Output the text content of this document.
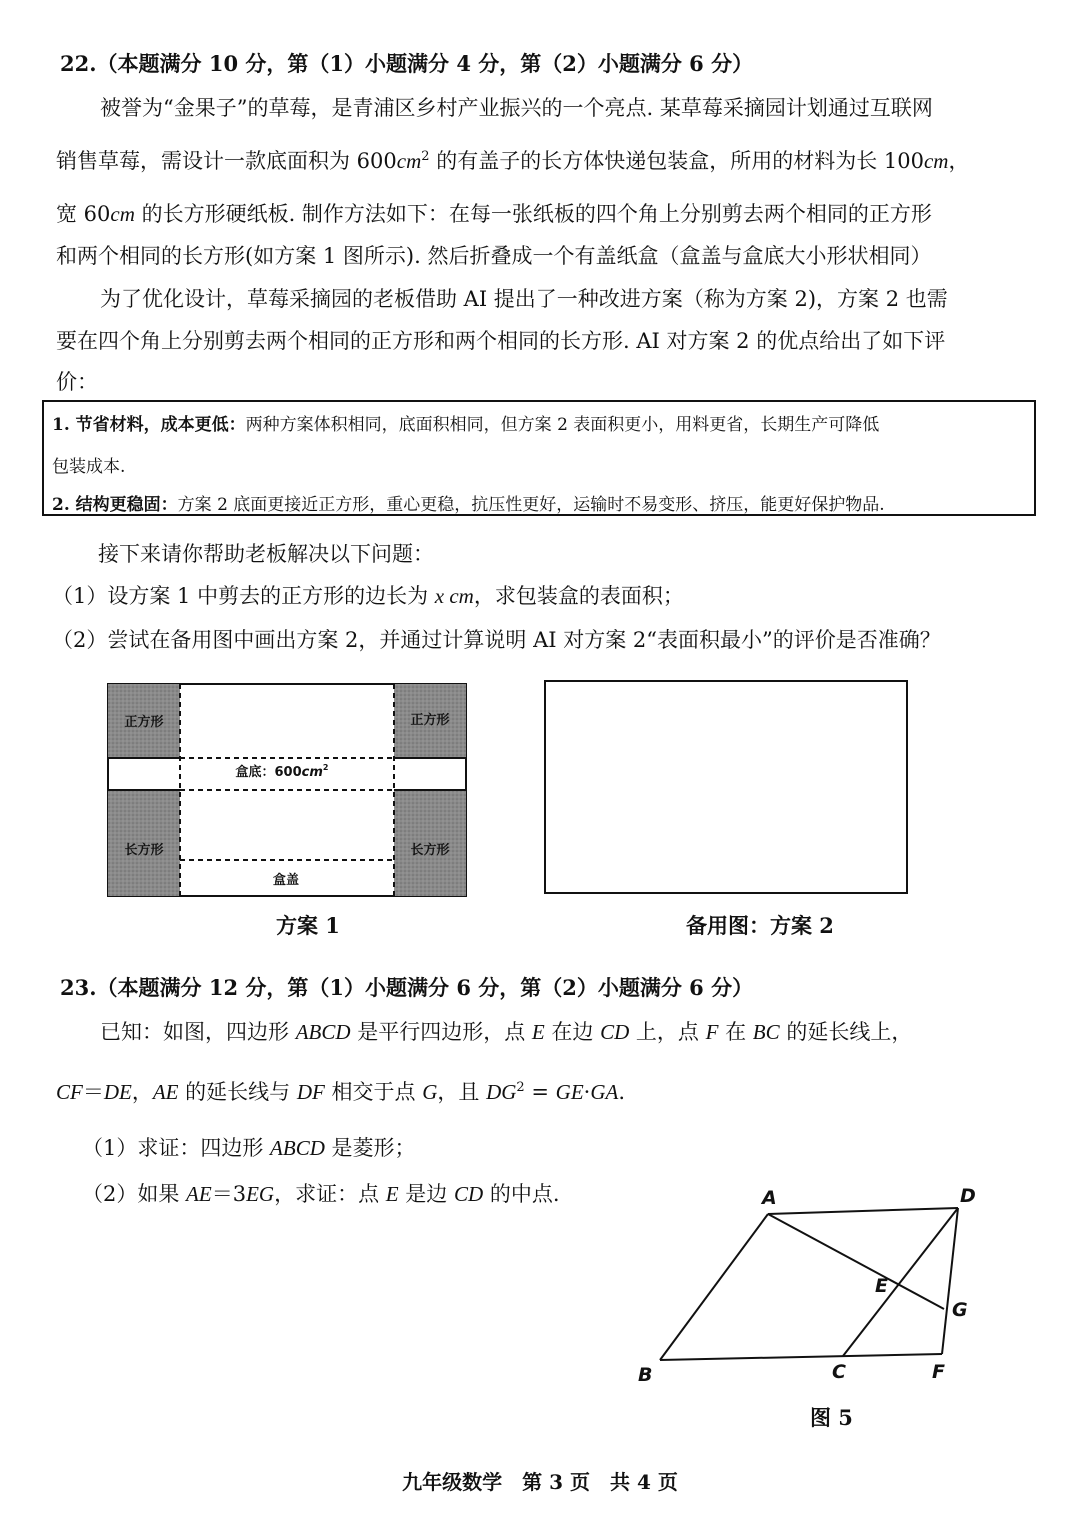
22.（本题满分 10 分，第（1）小题满分 4 分，第（2）小题满分 6 分）
被誉为“金果子”的草莓，是青浦区乡村产业振兴的一个亮点. 某草莓采摘园计划通过互联网
销售草莓，需设计一款底面积为 $600cm^2$ 的有盖子的长方体快递包装盒，所用的材料为长 100cm，
宽 60cm 的长方形硬纸板. 制作方法如下：在每一张纸板的四个角上分别剪去两个相同的正方形
和两个相同的长方形(如方案 1 图所示). 然后折叠成一个有盖纸盒（盒盖与盒底大小形状相同）
为了优化设计，草莓采摘园的老板借助 AI 提出了一种改进方案（称为方案 2)，方案 2 也需
要在四个角上分别剪去两个相同的正方形和两个相同的长方形. AI 对方案 2 的优点给出了如下评
价：
1. 节省材料，成本更低：两种方案体积相同，底面积相同，但方案 2 表面积更小，用料更省，长期生产可降低
包装成本.
2. 结构更稳固：方案 2 底面更接近正方形，重心更稳，抗压性更好，运输时不易变形、挤压，能更好保护物品.
接下来请你帮助老板解决以下问题：
（1）设方案 1 中剪去的正方形的边长为 x cm，求包装盒的表面积；
（2）尝试在备用图中画出方案 2，并通过计算说明 AI 对方案 2“表面积最小”的评价是否准确？
正方形	正方形
长方形	长方形
盒底：$600cm^2$
盒盖
方案 1	备用图：方案 2
23.（本题满分 12 分，第（1）小题满分 6 分，第（2）小题满分 6 分）
已知：如图，四边形 ABCD 是平行四边形，点 E 在边 CD 上，点 F 在 BC 的延长线上，
CF＝DE，AE 的延长线与 DF 相交于点 G，且 $DG^2 = GE\cdot GA$.
（1）求证：四边形 ABCD 是菱形；
（2）如果 AE＝3EG，求证：点 E 是边 CD 的中点.	A	D
B	C	F
E
G
图 5
九年级数学　第 3 页　共 4 页
